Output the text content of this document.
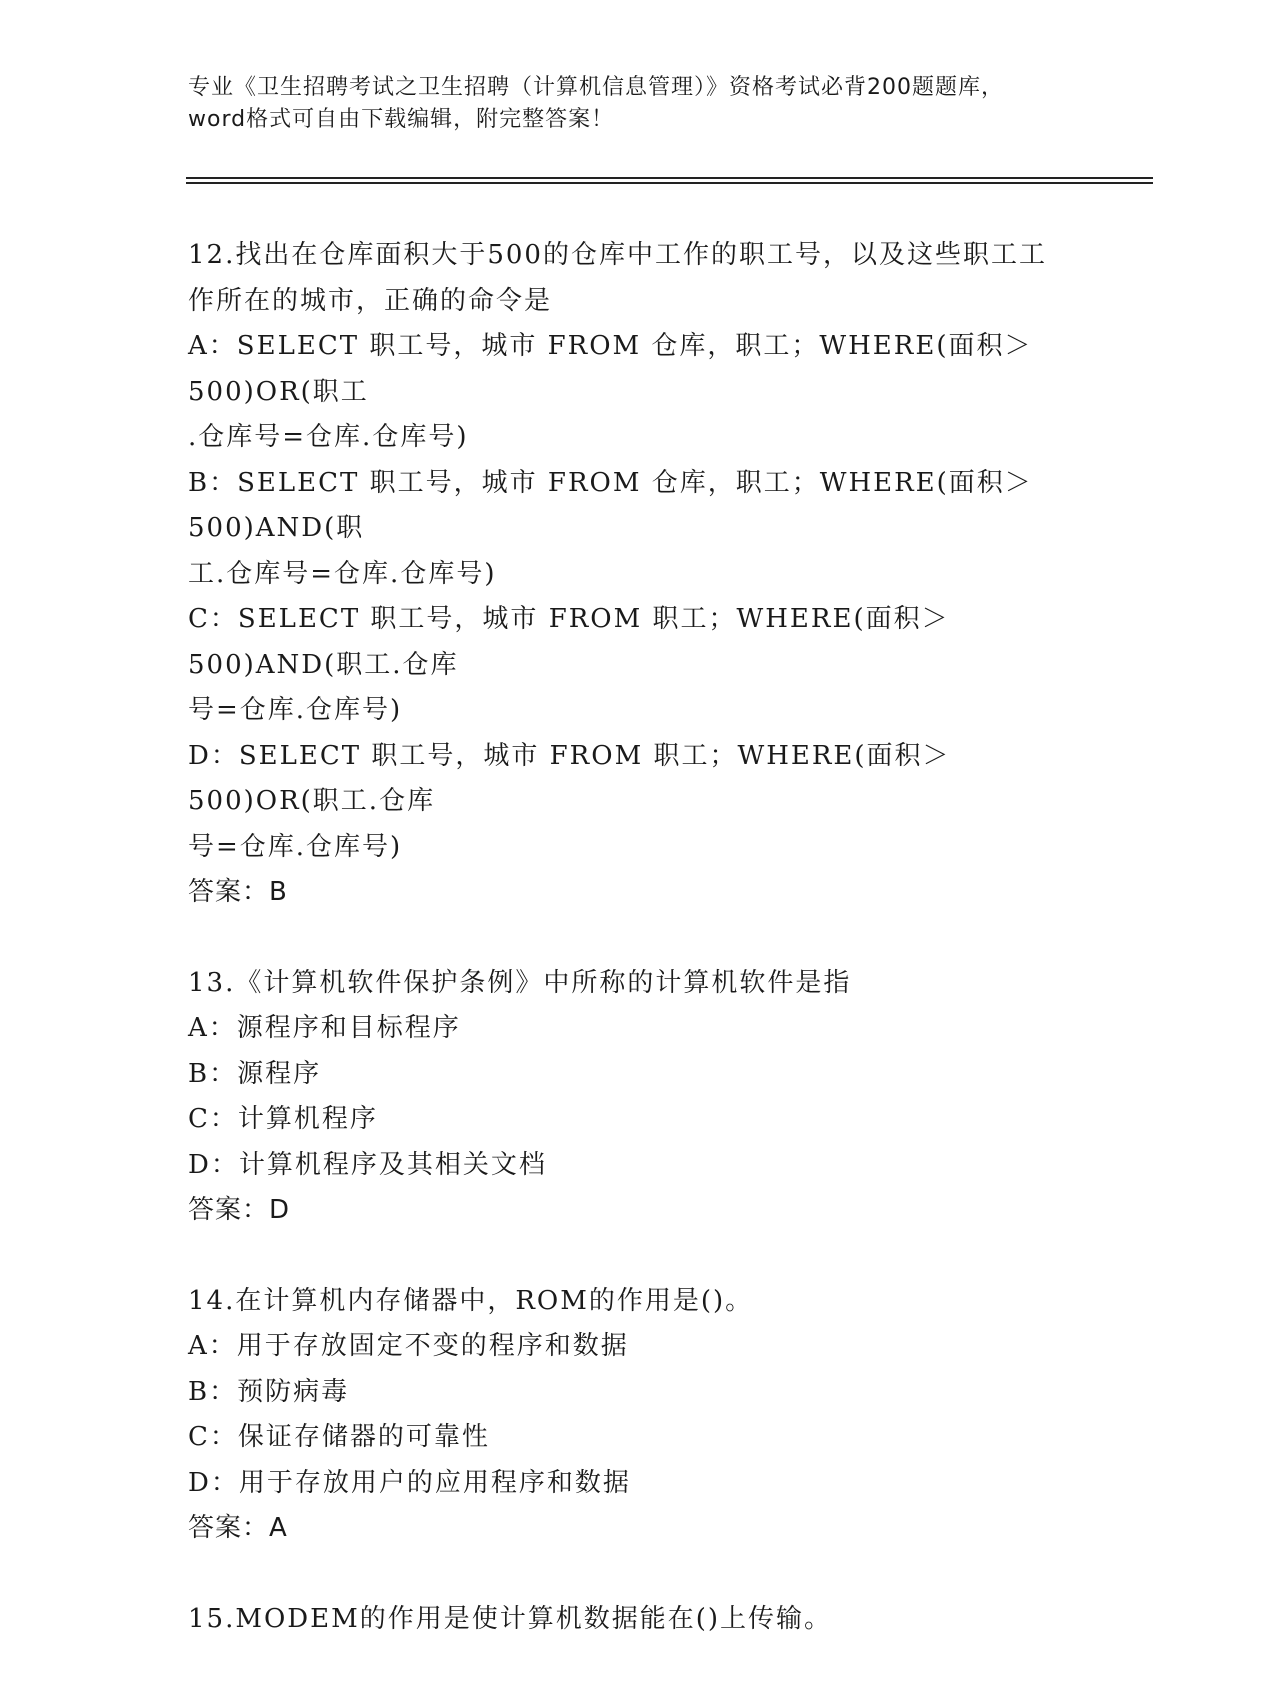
专业《卫生招聘考试之卫生招聘（计算机信息管理）》资格考试必背200题题库，
word格式可自由下载编辑，附完整答案！

12.找出在仓库面积大于500的仓库中工作的职工号，以及这些职工工

作所在的城市，正确的命令是

A：SELECT 职工号，城市 FROM 仓库，职工；WHERE(面积＞500)OR(职工

.仓库号=仓库.仓库号)

B：SELECT 职工号，城市 FROM 仓库，职工；WHERE(面积＞500)AND(职

工.仓库号=仓库.仓库号)

C：SELECT 职工号，城市 FROM 职工；WHERE(面积＞500)AND(职工.仓库

号=仓库.仓库号)

D：SELECT 职工号，城市 FROM 职工；WHERE(面积＞500)OR(职工.仓库

号=仓库.仓库号)

答案：B

13.《计算机软件保护条例》中所称的计算机软件是指

A：源程序和目标程序

B：源程序

C：计算机程序

D：计算机程序及其相关文档

答案：D

14.在计算机内存储器中，ROM的作用是()。

A：用于存放固定不变的程序和数据

B：预防病毒

C：保证存储器的可靠性

D：用于存放用户的应用程序和数据

答案：A

15.MODEM的作用是使计算机数据能在()上传输。
